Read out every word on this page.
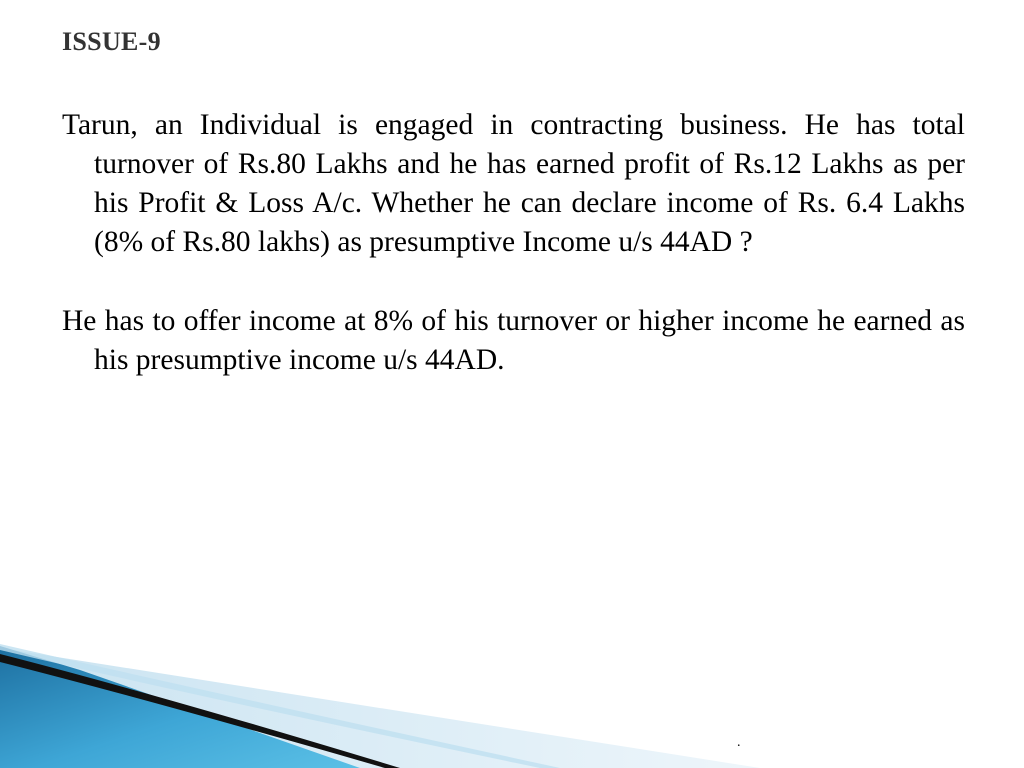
ISSUE-9

Tarun, an Individual is engaged in contracting business. He has total turnover of Rs.80 Lakhs and he has earned profit of Rs.12 Lakhs as per his Profit & Loss A/c. Whether he can declare income of Rs. 6.4 Lakhs (8% of Rs.80 lakhs) as presumptive Income u/s 44AD ?

He has to offer income at 8% of his turnover or higher income he earned as his presumptive income u/s 44AD.

.
